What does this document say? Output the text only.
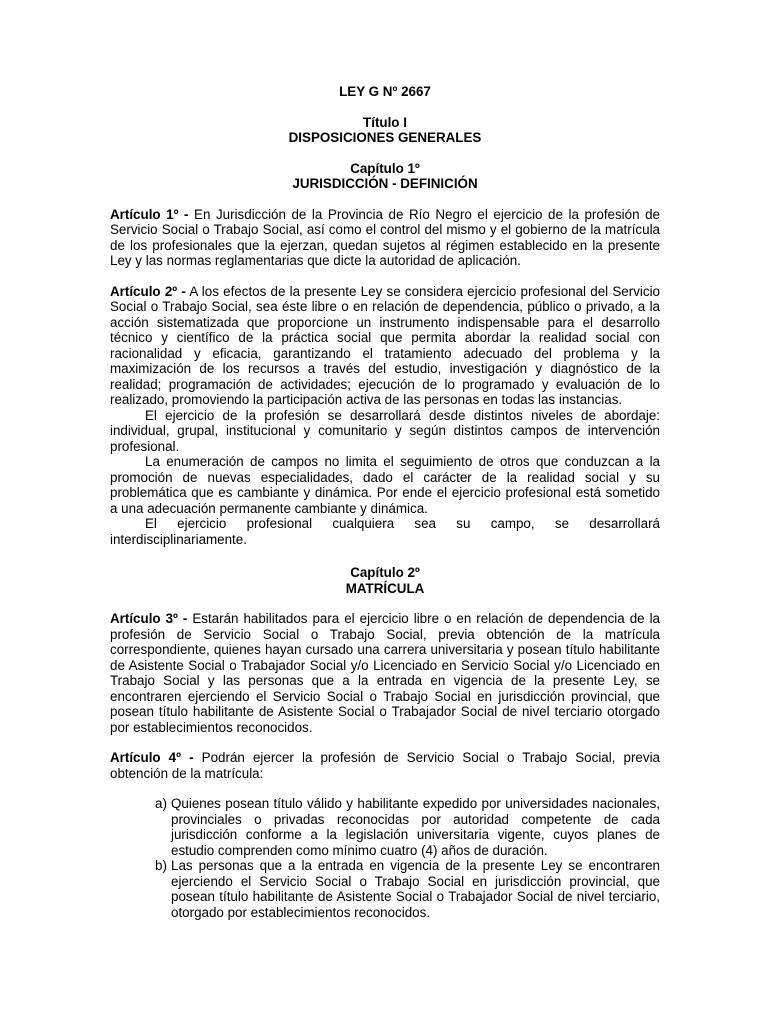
LEY G Nº 2667
Título I
DISPOSICIONES GENERALES
Capítulo 1º
JURISDICCIÓN - DEFINICIÓN

Artículo 1º - En Jurisdicción de la Provincia de Río Negro el ejercicio de la profesión de Servicio Social o Trabajo Social, así como el control del mismo y el gobierno de la matrícula de los profesionales que la ejerzan, quedan sujetos al régimen establecido en la presente Ley y las normas reglamentarias que dicte la autoridad de aplicación.

Artículo 2º - A los efectos de la presente Ley se considera ejercicio profesional del Servicio Social o Trabajo Social, sea éste libre o en relación de dependencia, público o privado, a la acción sistematizada que proporcione un instrumento indispensable para el desarrollo técnico y científico de la práctica social que permita abordar la realidad social con racionalidad y eficacia, garantizando el tratamiento adecuado del problema y la maximización de los recursos a través del estudio, investigación y diagnóstico de la realidad; programación de actividades; ejecución de lo programado y evaluación de lo realizado, promoviendo la participación activa de las personas en todas las instancias.

El ejercicio de la profesión se desarrollará desde distintos niveles de abordaje: individual, grupal, institucional y comunitario y según distintos campos de intervención profesional.

La enumeración de campos no limita el seguimiento de otros que conduzcan a la promoción de nuevas especialidades, dado el carácter de la realidad social y su problemática que es cambiante y dinámica. Por ende el ejercicio profesional está sometido a una adecuación permanente cambiante y dinámica.

El ejercicio profesional cualquiera sea su campo, se desarrollará interdisciplinariamente.

Capítulo 2º
MATRÍCULA

Artículo 3º - Estarán habilitados para el ejercicio libre o en relación de dependencia de la profesión de Servicio Social o Trabajo Social, previa obtención de la matrícula correspondiente, quienes hayan cursado una carrera universitaria y posean título habilitante de Asistente Social o Trabajador Social y/o Licenciado en Servicio Social y/o Licenciado en Trabajo Social y las personas que a la entrada en vigencia de la presente Ley, se encontraren ejerciendo el Servicio Social o Trabajo Social en jurisdicción provincial, que posean título habilitante de Asistente Social o Trabajador Social de nivel terciario otorgado por establecimientos reconocidos.

Artículo 4º - Podrán ejercer la profesión de Servicio Social o Trabajo Social, previa obtención de la matrícula:

a) Quienes posean título válido y habilitante expedido por universidades nacionales, provinciales o privadas reconocidas por autoridad competente de cada jurisdicción conforme a la legislación universitaria vigente, cuyos planes de estudio comprenden como mínimo cuatro (4) años de duración.
b) Las personas que a la entrada en vigencia de la presente Ley se encontraren ejerciendo el Servicio Social o Trabajo Social en jurisdicción provincial, que posean título habilitante de Asistente Social o Trabajador Social de nivel terciario, otorgado por establecimientos reconocidos.
